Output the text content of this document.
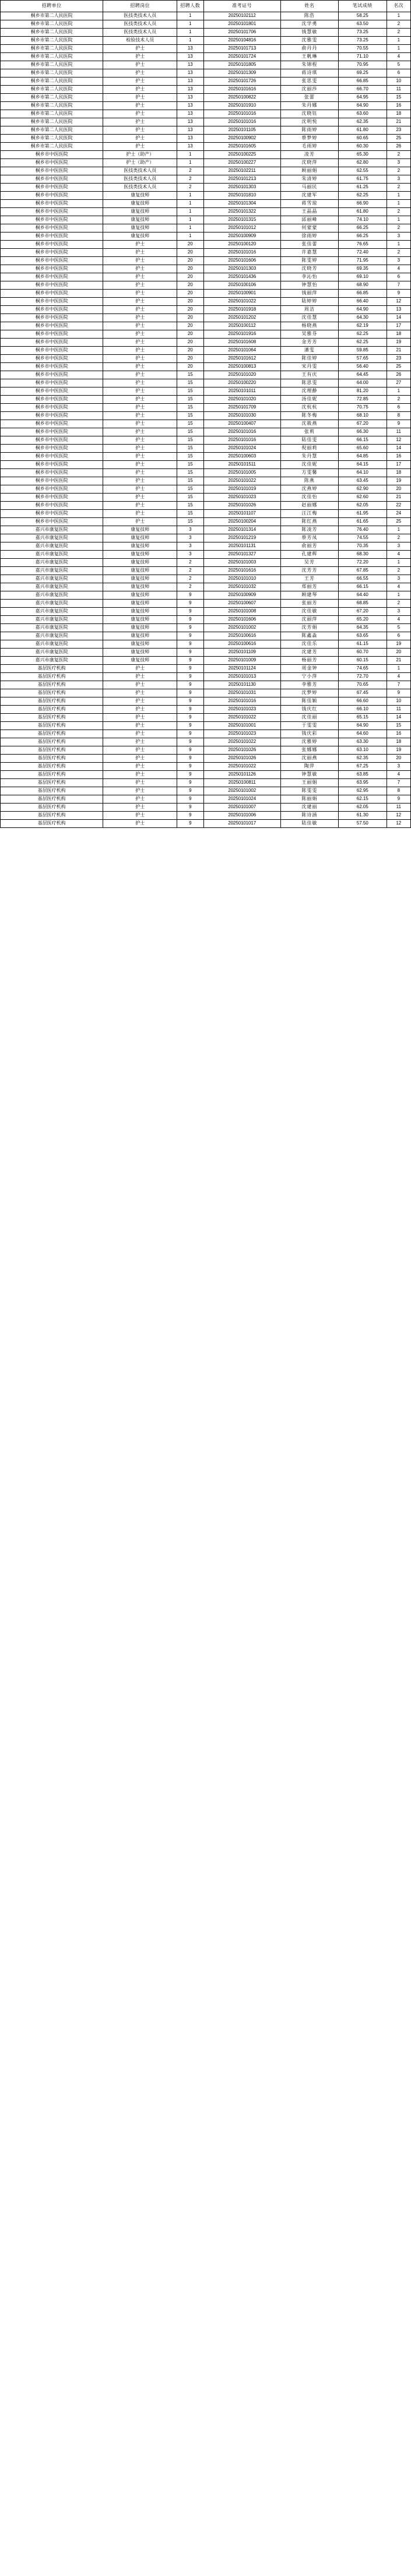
招聘单位	招聘岗位	招聘人数	准考证号	姓名	笔试成绩	名次
桐乡市第二人民医院	医技类技术人员	1	20250102112	陈浩	58.25	1
桐乡市第二人民医院	医技类技术人员	1	20250101801	沈学勇	63.50	2
桐乡市第二人民医院	医技类技术人员	1	20250101706	钱慧敏	73.25	2
桐乡市第二人民医院	检验技术人员	1	20250104816	沈雅雯	73.25	1
桐乡市第二人民医院	护士	13	20250101713	俞丹丹	70.55	1
桐乡市第二人民医院	护士	13	20250101724	王帆琳	71.10	4
桐乡市第二人民医院	护士	13	20250101805	朱锦程	70.95	5
桐乡市第二人民医院	护士	13	20250101309	蒋诗琪	69.25	6
桐乡市第二人民医院	护士	13	20250101726	张思雯	66.85	10
桐乡市第二人民医院	护士	13	20250101616	沈丽莎	66.70	11
桐乡市第二人民医院	护士	13	20250100822	张蕾	64.95	15
桐乡市第二人民医院	护士	13	20250101910	朱丹娜	64.90	16
桐乡市第二人民医院	护士	13	20250101016	沈晓钰	63.60	18
桐乡市第二人民医院	护士	13	20250101016	沈明悦	62.35	21
桐乡市第二人民医院	护士	13	20250101105	陈雨婷	61.80	23
桐乡市第二人民医院	护士	13	20250100902	蔡梦婷	60.65	25
桐乡市第二人民医院	护士	13	20250101605	毛雨婷	60.30	26
桐乡市中医医院	护士（助产）	1	20250100225	凌芳	65.30	2
桐乡市中医医院	护士（助产）	1	20250100227	沈晓萍	62.80	3
桐乡市中医医院	医技类技术人员	2	20250102211	顾丽娟	62.55	2
桐乡市中医医院	医技类技术人员	2	20250101213	朱清婷	61.75	3
桐乡市中医医院	医技类技术人员	2	20250101303	马丽民	61.25	2
桐乡市中医医院	康复技师	1	20250101810	沈建军	62.25	1
桐乡市中医医院	康复技师	1	20250101304	蒋雪琼	66.90	1
桐乡市中医医院	康复技师	1	20250101322	王晶晶	61.80	2
桐乡市中医医院	康复技师	1	20250101315	邱丽峰	74.10	1
桐乡市中医医院	康复技师	1	20250101012	何蒙蒙	66.25	2
桐乡市中医医院	康复技师	1	20250100909	徐雨婷	66.25	3
桐乡市中医医院	护士	20	20250100120	张佳蕾	76.65	1
桐乡市中医医院	护士	20	20250101016	许嘉慧	72.40	2
桐乡市中医医院	护士	20	20250101606	陈雯婷	71.95	3
桐乡市中医医院	护士	20	20250101303	沈晓芳	69.35	4
桐乡市中医医院	护士	20	20250101436	李沁怡	69.10	6
桐乡市中医医院	护士	20	20250100106	钟慧怡	68.90	7
桐乡市中医医院	护士	20	20250100901	钱丽萍	66.85	9
桐乡市中医医院	护士	20	20250101022	陆婷婷	66.40	12
桐乡市中医医院	护士	20	20250101918	周洁	64.90	13
桐乡市中医医院	护士	20	20250101202	沈佳慧	64.30	14
桐乡市中医医院	护士	20	20250100112	杨晓燕	62.19	17
桐乡市中医医院	护士	20	20250101916	吴雅芬	62.25	18
桐乡市中医医院	护士	20	20250101608	金芳芳	62.25	19
桐乡市中医医院	护士	20	20250101064	潘雯	59.85	21
桐乡市中医医院	护士	20	20250101612	陈佳婷	57.65	23
桐乡市中医医院	护士	20	20250100813	宋丹雯	56.40	25
桐乡市中医医院	护士	15	20250101020	王有庆	64.45	26
桐乡市中医医院	护士	15	20250100220	陈思雯	64.00	27
桐乡市中医医院	护士	15	20250101011	沈理静	81.20	1
桐乡市中医医院	护士	15	20250101020	汤佳妮	72.85	2
桐乡市中医医院	护士	15	20250101709	沈杭杭	70.75	6
桐乡市中医医院	护士	15	20250101030	陈冬梅	68.10	8
桐乡市中医医院	护士	15	20250100407	沈筱燕	67.20	9
桐乡市中医医院	护士	15	20250101016	张莉	66.30	11
桐乡市中医医院	护士	15	20250101016	陆佳雯	66.15	12
桐乡市中医医院	护士	15	20250101024	倪丽莉	65.60	14
桐乡市中医医院	护士	15	20250100603	朱丹慧	64.85	16
桐乡市中医医院	护士	15	20250101511	沈佳妮	64.15	17
桐乡市中医医院	护士	15	20250101005	方雯馨	64.10	18
桐乡市中医医院	护士	15	20250101022	陈燕	63.45	19
桐乡市中医医院	护士	15	20250101019	沈燕婷	62.90	20
桐乡市中医医院	护士	15	20250101023	沈佳怡	62.60	21
桐乡市中医医院	护士	15	20250101026	赵丽娜	62.05	22
桐乡市中医医院	护士	15	20250101107	汪江梅	61.95	24
桐乡市中医医院	护士	15	20250100204	陈红燕	61.65	25
嘉兴市康复医院	康复技师	3	20250101314	陈凌芳	76.40	1
嘉兴市康复医院	康复技师	3	20250101219	蔡芳凤	74.55	2
嘉兴市康复医院	康复技师	3	20250101131	俞丽芳	70.35	3
嘉兴市康复医院	康复技师	3	20250101327	孔建辉	68.30	4
嘉兴市康复医院	康复技师	2	20250101003	吴芳	72.20	1
嘉兴市康复医院	康复技师	2	20250101616	沈芳芳	67.85	2
嘉兴市康复医院	康复技师	2	20250101010	王芳	66.55	3
嘉兴市康复医院	康复技师	2	20250101032	郑丽芳	66.15	4
嘉兴市康复医院	康复技师	9	20250100909	顾建琴	64.40	1
嘉兴市康复医院	康复技师	9	20250100607	张丽芳	68.85	2
嘉兴市康复医院	康复技师	9	20250101008	沈佳敏	67.20	3
嘉兴市康复医院	康复技师	9	20250101606	沈丽萍	65.20	4
嘉兴市康复医院	康复技师	9	20250101002	沈芳娟	64.35	5
嘉兴市康复医院	康复技师	9	20250100616	陈鑫淼	63.65	6
嘉兴市康复医院	康复技师	9	20250100616	沈佳乐	61.15	19
嘉兴市康复医院	康复技师	9	20250101109	沈建芳	60.70	20
嘉兴市康复医院	康复技师	9	20250101009	杨丽芳	60.15	21
基层医疗机构	护士	9	20250101124	周金钟	74.65	1
基层医疗机构	护士	9	20250101013	宁小萍	72.70	4
基层医疗机构	护士	9	20250101130	李雅芳	70.65	7
基层医疗机构	护士	9	20250101031	沈梦婷	67.45	9
基层医疗机构	护士	9	20250101016	陈佳颖	66.60	10
基层医疗机构	护士	9	20250101023	钱庆红	66.10	11
基层医疗机构	护士	9	20250101022	沈佳丽	65.15	14
基层医疗机构	护士	9	20250101001	于雯雯	64.90	15
基层医疗机构	护士	9	20250101023	钱庆彩	64.60	16
基层医疗机构	护士	9	20250101022	沈雅婷	63.30	18
基层医疗机构	护士	9	20250101026	张娜娜	63.10	19
基层医疗机构	护士	9	20250101026	沈丽燕	62.35	20
基层医疗机构	护士	9	20250101022	陶萍	67.25	3
基层医疗机构	护士	9	20250101126	钟慧敏	63.85	4
基层医疗机构	护士	9	20250100811	王丽娟	63.95	7
基层医疗机构	护士	9	20250101002	陈雯雯	62.95	8
基层医疗机构	护士	9	20250101024	陈丽娟	62.15	9
基层医疗机构	护士	9	20250101007	沈建丽	62.05	11
基层医疗机构	护士	9	20250101006	陈诗涵	61.30	12
基层医疗机构	护士	9	20250101017	陆佳敏	57.50	12
